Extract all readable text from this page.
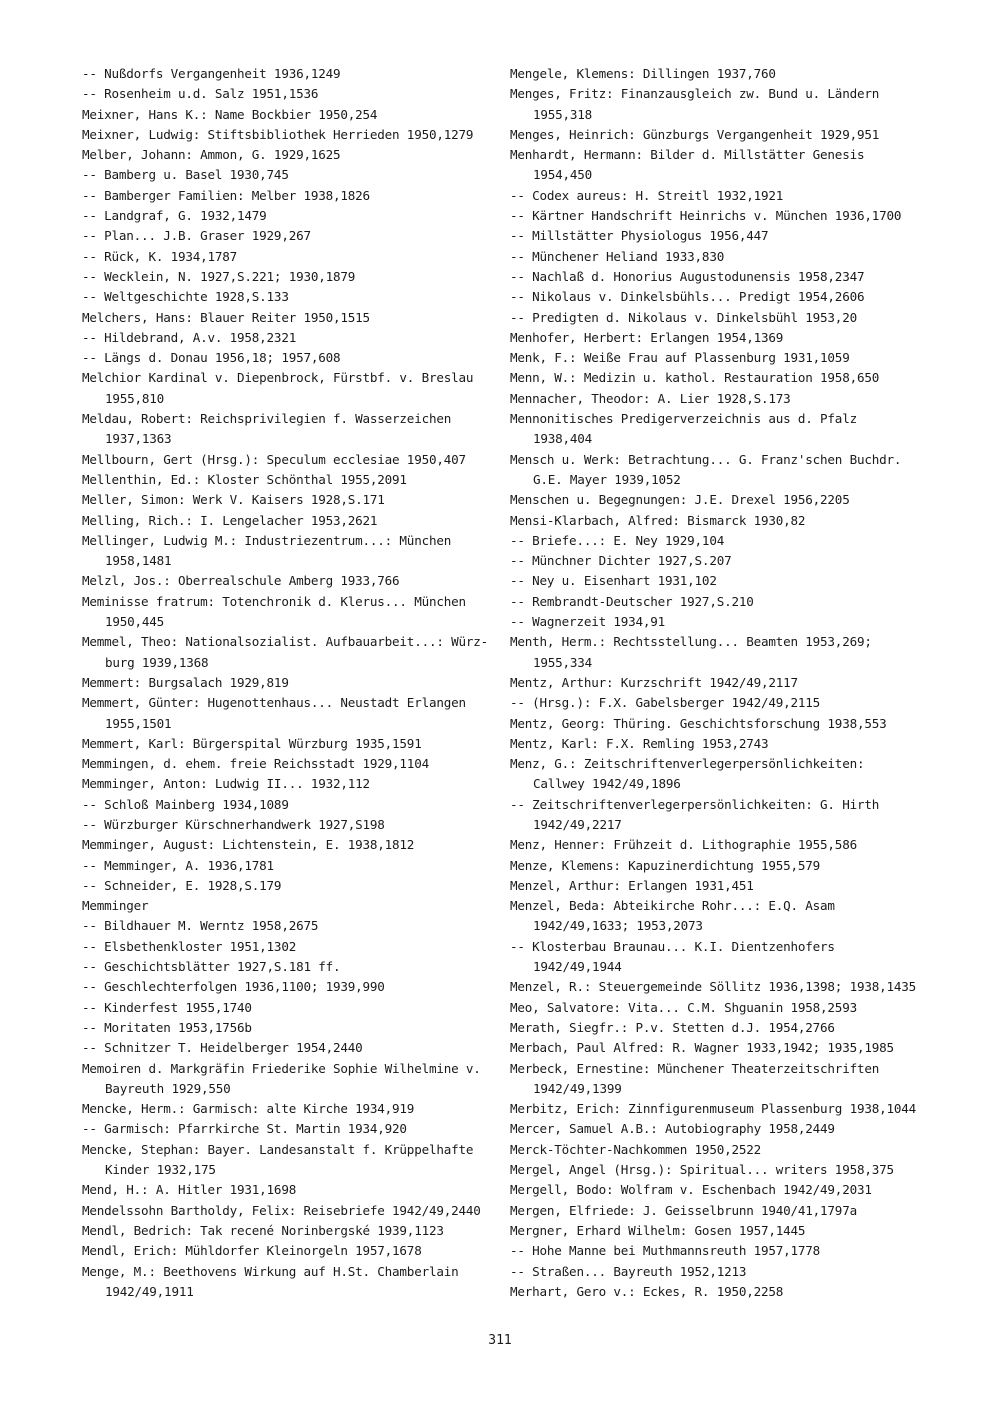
-- Nußdorfs Vergangenheit 1936,1249
-- Rosenheim u.d. Salz 1951,1536
Meixner, Hans K.: Name Bockbier 1950,254
Meixner, Ludwig: Stiftsbibliothek Herrieden 1950,1279
Melber, Johann: Ammon, G. 1929,1625
-- Bamberg u. Basel 1930,745
-- Bamberger Familien: Melber 1938,1826
-- Landgraf, G. 1932,1479
-- Plan... J.B. Graser 1929,267
-- Rück, K. 1934,1787
-- Wecklein, N. 1927,S.221; 1930,1879
-- Weltgeschichte 1928,S.133
Melchers, Hans: Blauer Reiter 1950,1515
-- Hildebrand, A.v. 1958,2321
-- Längs d. Donau 1956,18; 1957,608
Melchior Kardinal v. Diepenbrock, Fürstbf. v. Breslau
1955,810
Meldau, Robert: Reichsprivilegien f. Wasserzeichen
1937,1363
Mellbourn, Gert (Hrsg.): Speculum ecclesiae 1950,407
Mellenthin, Ed.: Kloster Schönthal 1955,2091
Meller, Simon: Werk V. Kaisers 1928,S.171
Melling, Rich.: I. Lengelacher 1953,2621
Mellinger, Ludwig M.: Industriezentrum...: München
1958,1481
Melzl, Jos.: Oberrealschule Amberg 1933,766
Meminisse fratrum: Totenchronik d. Klerus... München
1950,445
Memmel, Theo: Nationalsozialist. Aufbauarbeit...: Würz-
burg 1939,1368
Memmert: Burgsalach 1929,819
Memmert, Günter: Hugenottenhaus... Neustadt Erlangen
1955,1501
Memmert, Karl: Bürgerspital Würzburg 1935,1591
Memmingen, d. ehem. freie Reichsstadt 1929,1104
Memminger, Anton: Ludwig II... 1932,112
-- Schloß Mainberg 1934,1089
-- Würzburger Kürschnerhandwerk 1927,S198
Memminger, August: Lichtenstein, E. 1938,1812
-- Memminger, A. 1936,1781
-- Schneider, E. 1928,S.179
Memminger
-- Bildhauer M. Werntz 1958,2675
-- Elsbethenkloster 1951,1302
-- Geschichtsblätter 1927,S.181 ff.
-- Geschlechterfolgen 1936,1100; 1939,990
-- Kinderfest 1955,1740
-- Moritaten 1953,1756b
-- Schnitzer T. Heidelberger 1954,2440
Memoiren d. Markgräfin Friederike Sophie Wilhelmine v.
Bayreuth 1929,550
Mencke, Herm.: Garmisch: alte Kirche 1934,919
-- Garmisch: Pfarrkirche St. Martin 1934,920
Mencke, Stephan: Bayer. Landesanstalt f. Krüppelhafte
Kinder 1932,175
Mend, H.: A. Hitler 1931,1698
Mendelssohn Bartholdy, Felix: Reisebriefe 1942/49,2440
Mendl, Bedrich: Tak recené Norinbergské 1939,1123
Mendl, Erich: Mühldorfer Kleinorgeln 1957,1678
Menge, M.: Beethovens Wirkung auf H.St. Chamberlain
1942/49,1911
Mengele, Klemens: Dillingen 1937,760
Menges, Fritz: Finanzausgleich zw. Bund u. Ländern
1955,318
Menges, Heinrich: Günzburgs Vergangenheit 1929,951
Menhardt, Hermann: Bilder d. Millstätter Genesis
1954,450
-- Codex aureus: H. Streitl 1932,1921
-- Kärtner Handschrift Heinrichs v. München 1936,1700
-- Millstätter Physiologus 1956,447
-- Münchener Heliand 1933,830
-- Nachlaß d. Honorius Augustodunensis 1958,2347
-- Nikolaus v. Dinkelsbühls... Predigt 1954,2606
-- Predigten d. Nikolaus v. Dinkelsbühl 1953,20
Menhofer, Herbert: Erlangen 1954,1369
Menk, F.: Weiße Frau auf Plassenburg 1931,1059
Menn, W.: Medizin u. kathol. Restauration 1958,650
Mennacher, Theodor: A. Lier 1928,S.173
Mennonitisches Predigerverzeichnis aus d. Pfalz
1938,404
Mensch u. Werk: Betrachtung... G. Franz'schen Buchdr.
G.E. Mayer 1939,1052
Menschen u. Begegnungen: J.E. Drexel 1956,2205
Mensi-Klarbach, Alfred: Bismarck 1930,82
-- Briefe...: E. Ney 1929,104
-- Münchner Dichter 1927,S.207
-- Ney u. Eisenhart 1931,102
-- Rembrandt-Deutscher 1927,S.210
-- Wagnerzeit 1934,91
Menth, Herm.: Rechtsstellung... Beamten 1953,269;
1955,334
Mentz, Arthur: Kurzschrift 1942/49,2117
-- (Hrsg.): F.X. Gabelsberger 1942/49,2115
Mentz, Georg: Thüring. Geschichtsforschung 1938,553
Mentz, Karl: F.X. Remling 1953,2743
Menz, G.: Zeitschriftenverlegerpersönlichkeiten:
Callwey 1942/49,1896
-- Zeitschriftenverlegerpersönlichkeiten: G. Hirth
1942/49,2217
Menz, Henner: Frühzeit d. Lithographie 1955,586
Menze, Klemens: Kapuzinerdichtung 1955,579
Menzel, Arthur: Erlangen 1931,451
Menzel, Beda: Abteikirche Rohr...: E.Q. Asam
1942/49,1633; 1953,2073
-- Klosterbau Braunau... K.I. Dientzenhofers
1942/49,1944
Menzel, R.: Steuergemeinde Söllitz 1936,1398; 1938,1435
Meo, Salvatore: Vita... C.M. Shguanin 1958,2593
Merath, Siegfr.: P.v. Stetten d.J. 1954,2766
Merbach, Paul Alfred: R. Wagner 1933,1942; 1935,1985
Merbeck, Ernestine: Münchener Theaterzeitschriften
1942/49,1399
Merbitz, Erich: Zinnfigurenmuseum Plassenburg 1938,1044
Mercer, Samuel A.B.: Autobiography 1958,2449
Merck-Töchter-Nachkommen 1950,2522
Mergel, Angel (Hrsg.): Spiritual... writers 1958,375
Mergell, Bodo: Wolfram v. Eschenbach 1942/49,2031
Mergen, Elfriede: J. Geisselbrunn 1940/41,1797a
Mergner, Erhard Wilhelm: Gosen 1957,1445
-- Hohe Manne bei Muthmannsreuth 1957,1778
-- Straßen... Bayreuth 1952,1213
Merhart, Gero v.: Eckes, R. 1950,2258
311
